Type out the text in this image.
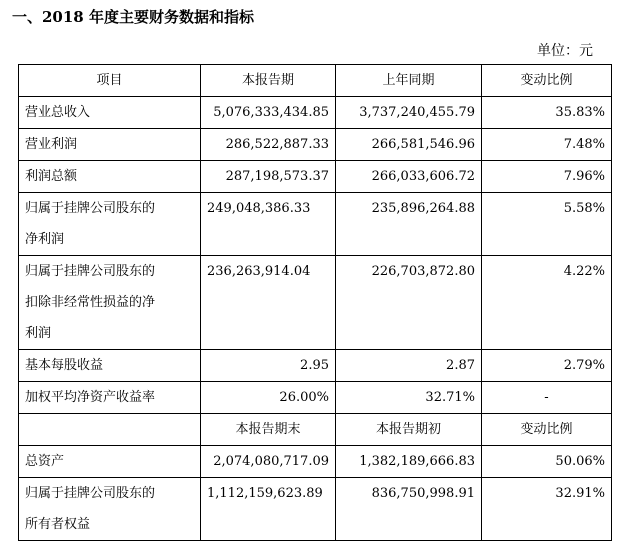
一、2018 年度主要财务数据和指标
单位：元
项目	本报告期	上年同期	变动比例

营业总收入	5,076,333,434.85	3,737,240,455.79	35.83%

营业利润	286,522,887.33	266,581,546.96	7.48%

利润总额	287,198,573.37	266,033,606.72	7.96%

归属于挂牌公司股东的
净利润	249,048,386.33	235,896,264.88	5.58%

归属于挂牌公司股东的
扣除非经常性损益的净
利润	236,263,914.04	226,703,872.80	4.22%

基本每股收益	2.95	2.87	2.79%

加权平均净资产收益率	26.00%	32.71%	-
	本报告期末	本报告期初	变动比例

总资产	2,074,080,717.09	1,382,189,666.83	50.06%

归属于挂牌公司股东的
所有者权益	1,112,159,623.89	836,750,998.91	32.91%
